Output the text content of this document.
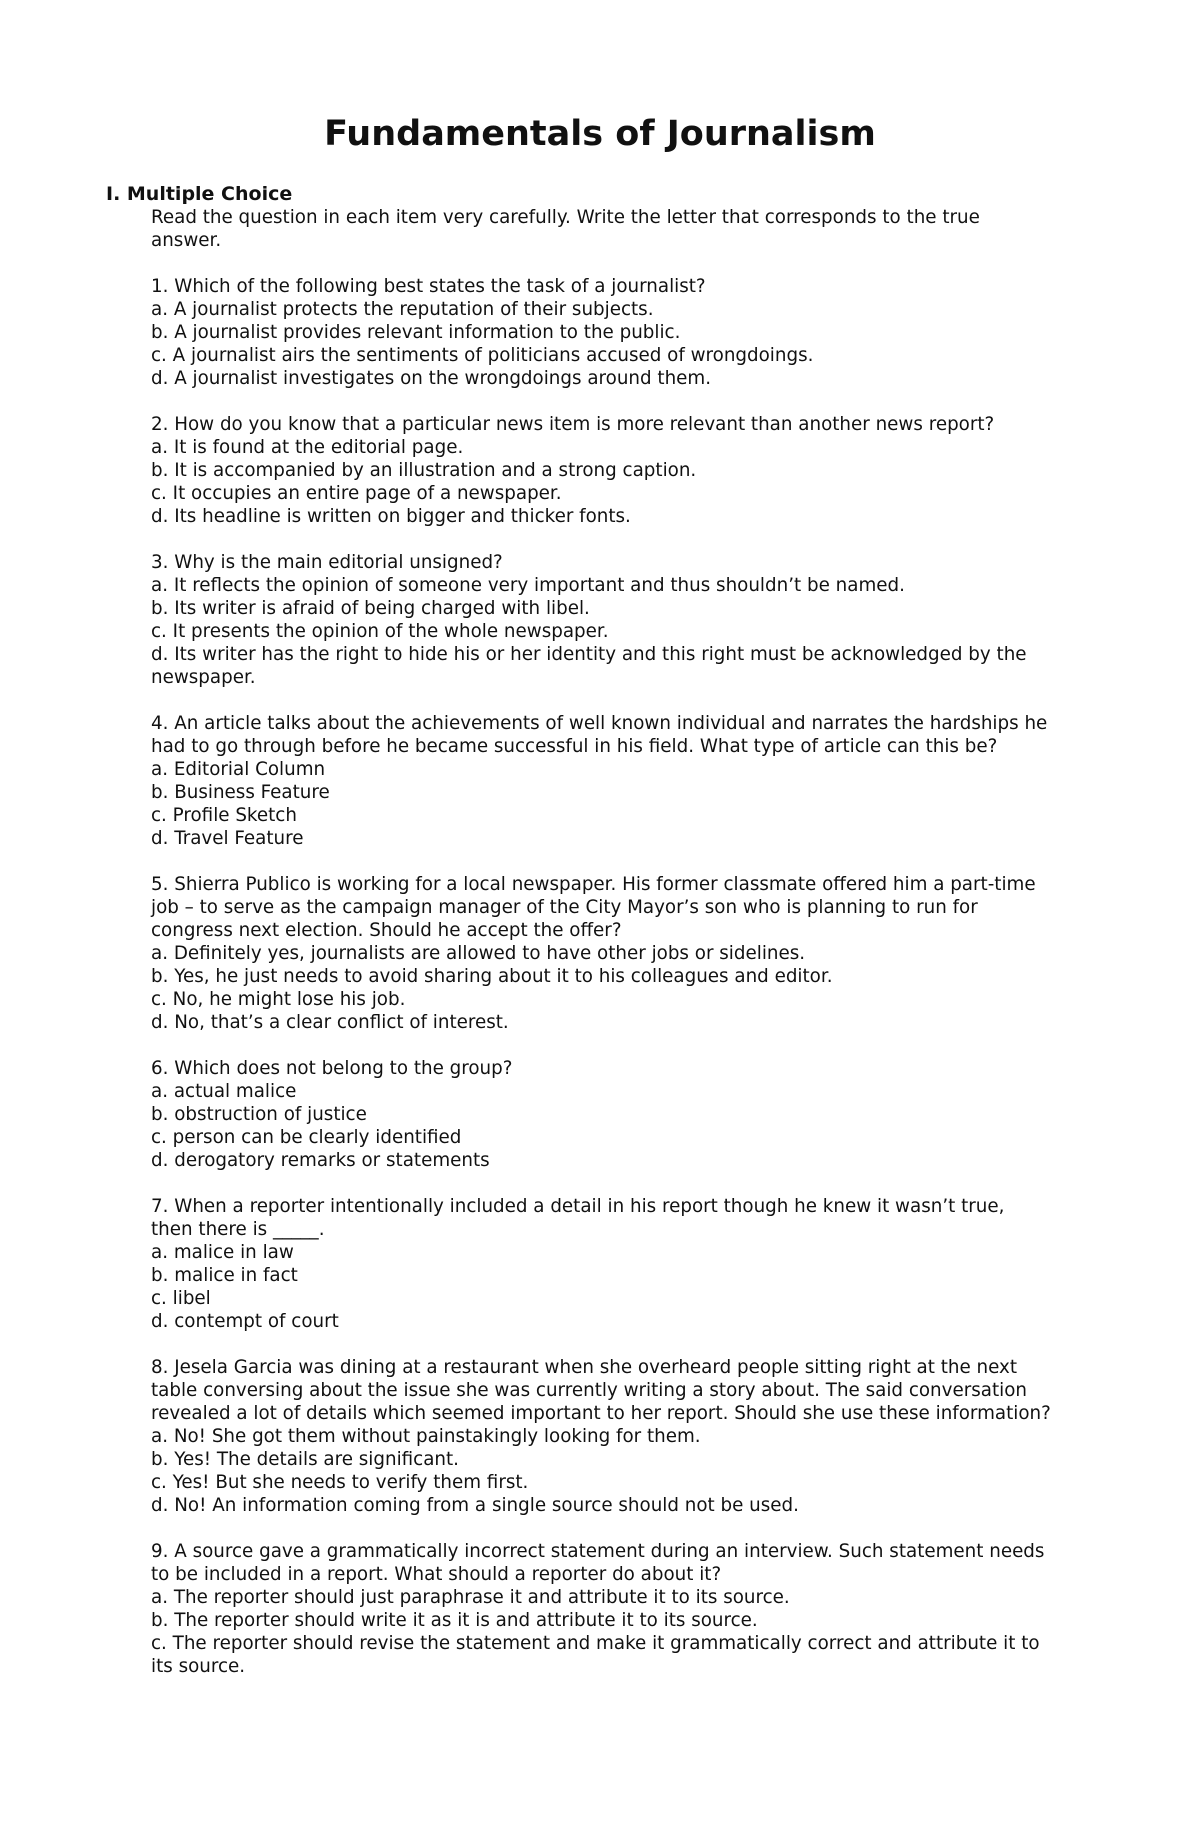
Fundamentals of Journalism
I. Multiple Choice

Read the question in each item very carefully. Write the letter that corresponds to the true answer.

1. Which of the following best states the task of a journalist?

a. A journalist protects the reputation of their subjects.

b. A journalist provides relevant information to the public.

c. A journalist airs the sentiments of politicians accused of wrongdoings.

d. A journalist investigates on the wrongdoings around them.

2. How do you know that a particular news item is more relevant than another news report?

a. It is found at the editorial page.

b. It is accompanied by an illustration and a strong caption.

c. It occupies an entire page of a newspaper.

d. Its headline is written on bigger and thicker fonts.

3. Why is the main editorial unsigned?

a. It reflects the opinion of someone very important and thus shouldn’t be named.

b. Its writer is afraid of being charged with libel.

c. It presents the opinion of the whole newspaper.

d. Its writer has the right to hide his or her identity and this right must be acknowledged by the newspaper.

4. An article talks about the achievements of well known individual and narrates the hardships he had to go through before he became successful in his field. What type of article can this be?

a. Editorial Column

b. Business Feature

c. Profile Sketch

d. Travel Feature

5. Shierra Publico is working for a local newspaper. His former classmate offered him a part-time job – to serve as the campaign manager of the City Mayor’s son who is planning to run for congress next election. Should he accept the offer?

a. Definitely yes, journalists are allowed to have other jobs or sidelines.

b. Yes, he just needs to avoid sharing about it to his colleagues and editor.

c. No, he might lose his job.

d. No, that’s a clear conflict of interest.

6. Which does not belong to the group?

a. actual malice

b. obstruction of justice

c. person can be clearly identified

d. derogatory remarks or statements

7. When a reporter intentionally included a detail in his report though he knew it wasn’t true, then there is _____.

a. malice in law

b. malice in fact

c. libel

d. contempt of court

8. Jesela Garcia was dining at a restaurant when she overheard people sitting right at the next table conversing about the issue she was currently writing a story about. The said conversation revealed a lot of details which seemed important to her report. Should she use these information?

a. No! She got them without painstakingly looking for them.

b. Yes! The details are significant.

c. Yes! But she needs to verify them first.

d. No! An information coming from a single source should not be used.

9. A source gave a grammatically incorrect statement during an interview. Such statement needs to be included in a report. What should a reporter do about it?

a. The reporter should just paraphrase it and attribute it to its source.

b. The reporter should write it as it is and attribute it to its source.

c. The reporter should revise the statement and make it grammatically correct and attribute it to its source.
